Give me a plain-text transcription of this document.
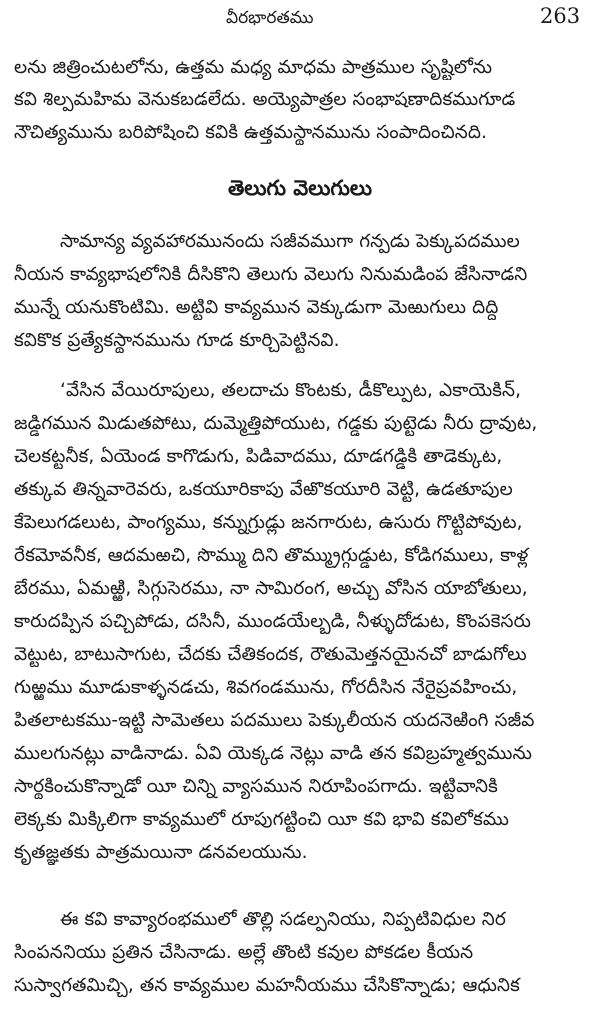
వీరభారతము	263
లను జిత్రించుటలోను, ఉత్తమ మధ్య మాధమ పాత్రముల సృష్టిలోను
కవి శిల్పమహిమ వెనుకబడలేదు. అయ్యెపాత్రల సంభాషణాదికముగూడ
నౌచిత్యమును బరిపోషించి కవికి ఉత్తమస్థానమును సంపాదించినది.
తెలుగు వెలుగులు
సామాన్య వ్యవహారమునందు సజీవముగా గన్పడు పెక్కుపదముల
నీయన కావ్యభాషలోనికి దీసికొని తెలుగు వెలుగు నినుమడింప జేసినాడని
మున్నే యనుకొంటిమి. అట్టివి కావ్యమున వెక్కుడుగా మెఱుగులు దిద్ది
కవికొక ప్రత్యేకస్థానమును గూడ కూర్చిపెట్టినవి.
‘వేసిన వేయిరూపులు, తలదాచు కొంటకు, డీకొల్పుట, ఎకాయెకిన్,
జడ్డిగమున మిడుతపోటు, దుమ్మెత్తిపోయుట, గడ్డకు పుట్టెడు నీరు ద్రావుట,
చెలకట్టనీక, ఏయెండ కాగొడుగు, పిడివాదము, దూడగడ్డికి తాడెక్కుట,
తక్కువ తిన్నవారెవరు, ఒకయూరికాపు వేఱొకయూరి వెట్టి, ఉడతూపుల
కేపెలుగడలుట, పాంగ్యము, కన్నుగ్రుడ్లు జనగారుట, ఉసురు గొట్టిపోవుట,
రేకమోవనీక, ఆదమఱచి, సొమ్ము దిని తొమ్మ్రుగ్గుడ్డుట, కోడిగములు, కాళ్ల
బేరము, ఏమఱ్ఱి, సిగ్గుసెరము, నా సామిరంగ, అచ్చు వోసిన యాబోతులు,
కారుదప్పిన పచ్చిపోడు, దసినీ, ముండయేల్బడి, నీళ్ళుదోడుట, కొంపకెసరు
వెట్టుట, బాటుసాగుట, చేదకు చేతికందక, రౌతుమెత్తనయైనచో బాడుగోలు
గుఱ్ఱము మూడుకాళ్ళనడచు, శివగండమును, గోరదీసిన నేరైప్రవహించు,
పితలాటకము-ఇట్టి సామెతలు పదములు పెక్కులీయన యదనెఱింగి సజీవ
ములగునట్లు వాడినాడు. ఏవి యెక్కడ నెట్లు వాడి తన కవిబ్రహ్మత్వమును
సార్థకించుకొన్నాడో యీ చిన్ని వ్యాసమున నిరూపింపగాదు. ఇట్టివానికి
లెక్కకు మిక్కిలిగా కావ్యములో రూపుగట్టించి యీ కవి భావి కవిలోకము
కృతజ్ఞతకు పాత్రమయినా డనవలయును.
ఈ కవి కావ్యారంభములో తొల్లి సడల్పనియు, నిప్పటివిధుల నిర
సింపననియు ప్రతిన చేసినాడు. అల్లే తొంటి కవుల పోకడల కీయన
సుస్వాగతమిచ్చి, తన కావ్యముల మహనీయము చేసికొన్నాడు; ఆధునిక
